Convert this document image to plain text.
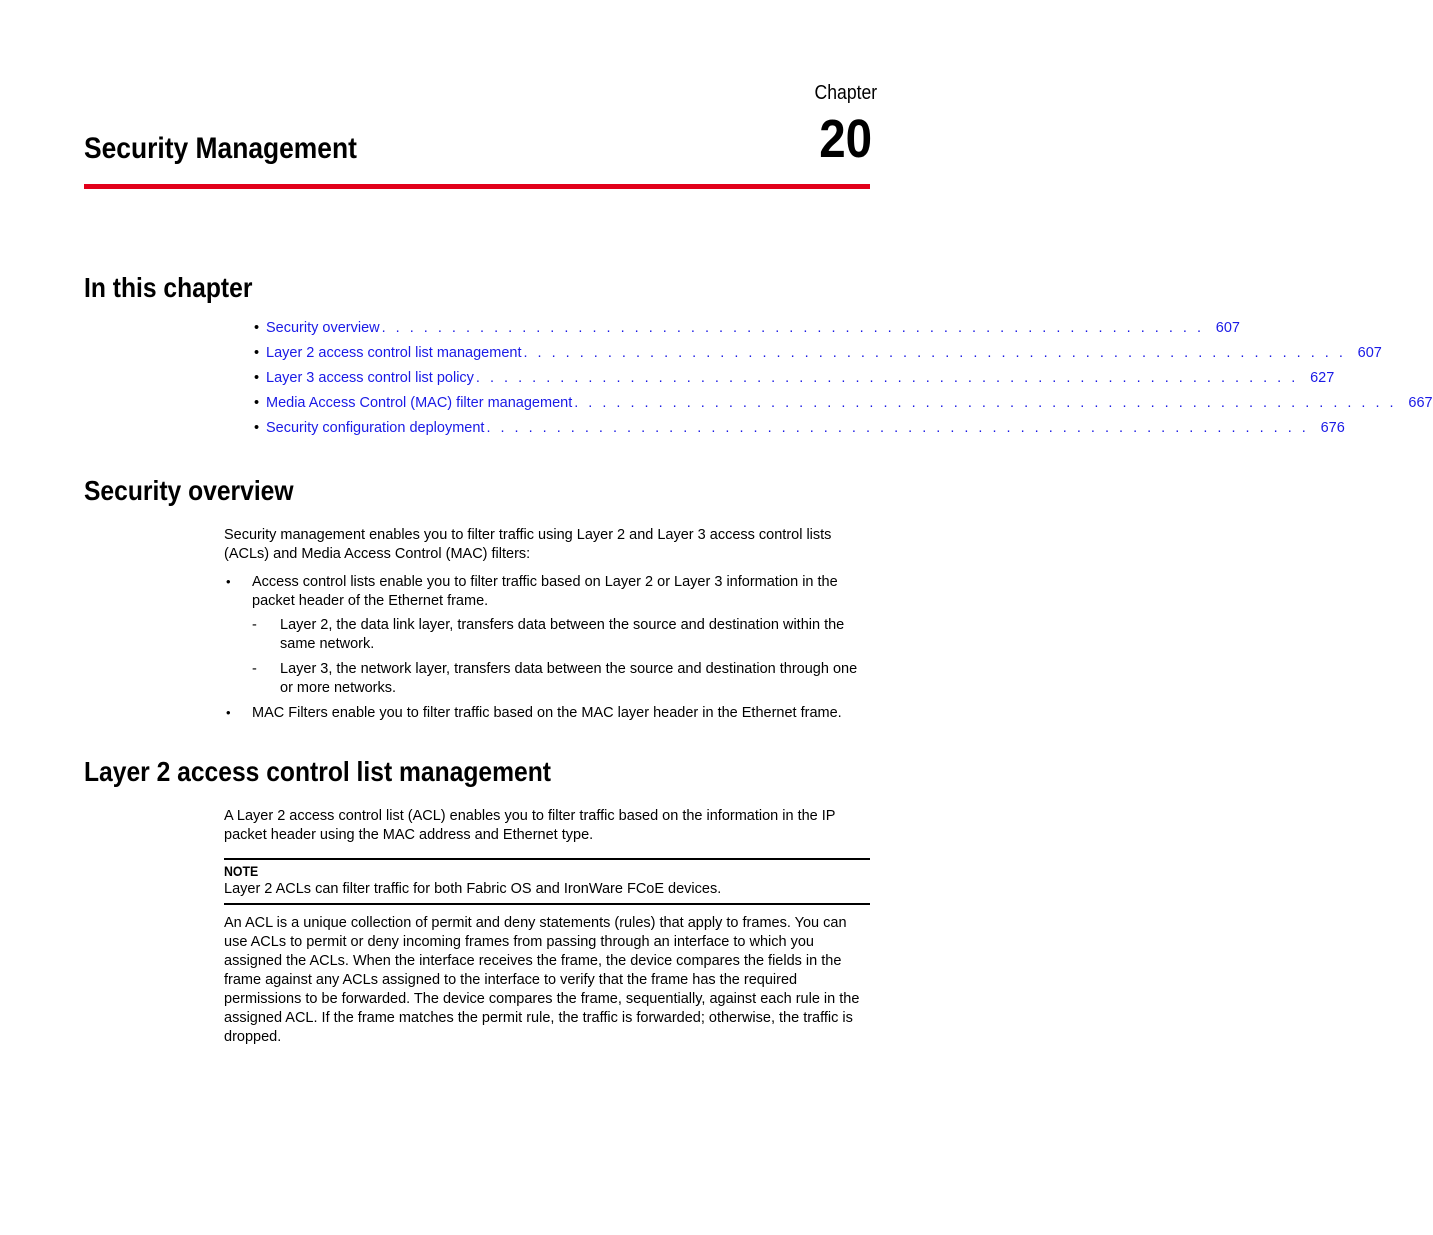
Chapter
20
Security Management
In this chapter
• Security overview . . . . . . . . . . . . . . . . . . . . . . . . . . . . . . . . . . . . . . . . . . . . . . . . . . . . . . . . . . . 607
• Layer 2 access control list management . . . . . . . . . . . . . . . . . . . . . . . . . . . . . . . . . . . . . . . . . . . . . . . . . . . . . . . . . . . 607
• Layer 3 access control list policy . . . . . . . . . . . . . . . . . . . . . . . . . . . . . . . . . . . . . . . . . . . . . . . . . . . . . . . . . . . 627
• Media Access Control (MAC) filter management . . . . . . . . . . . . . . . . . . . . . . . . . . . . . . . . . . . . . . . . . . . . . . . . . . . . . . . . . . . 667
• Security configuration deployment . . . . . . . . . . . . . . . . . . . . . . . . . . . . . . . . . . . . . . . . . . . . . . . . . . . . . . . . . . . 676
Security overview

Security management enables you to filter traffic using Layer 2 and Layer 3 access control lists (ACLs) and Media Access Control (MAC) filters:

• Access control lists enable you to filter traffic based on Layer 2 or Layer 3 information in the packet header of the Ethernet frame.
- Layer 2, the data link layer, transfers data between the source and destination within the same network.
- Layer 3, the network layer, transfers data between the source and destination through one or more networks.
• MAC Filters enable you to filter traffic based on the MAC layer header in the Ethernet frame.
Layer 2 access control list management

A Layer 2 access control list (ACL) enables you to filter traffic based on the information in the IP packet header using the MAC address and Ethernet type.

NOTE
Layer 2 ACLs can filter traffic for both Fabric OS and IronWare FCoE devices.

An ACL is a unique collection of permit and deny statements (rules) that apply to frames. You can use ACLs to permit or deny incoming frames from passing through an interface to which you assigned the ACLs. When the interface receives the frame, the device compares the fields in the frame against any ACLs assigned to the interface to verify that the frame has the required permissions to be forwarded. The device compares the frame, sequentially, against each rule in the assigned ACL. If the frame matches the permit rule, the traffic is forwarded; otherwise, the traffic is dropped.
